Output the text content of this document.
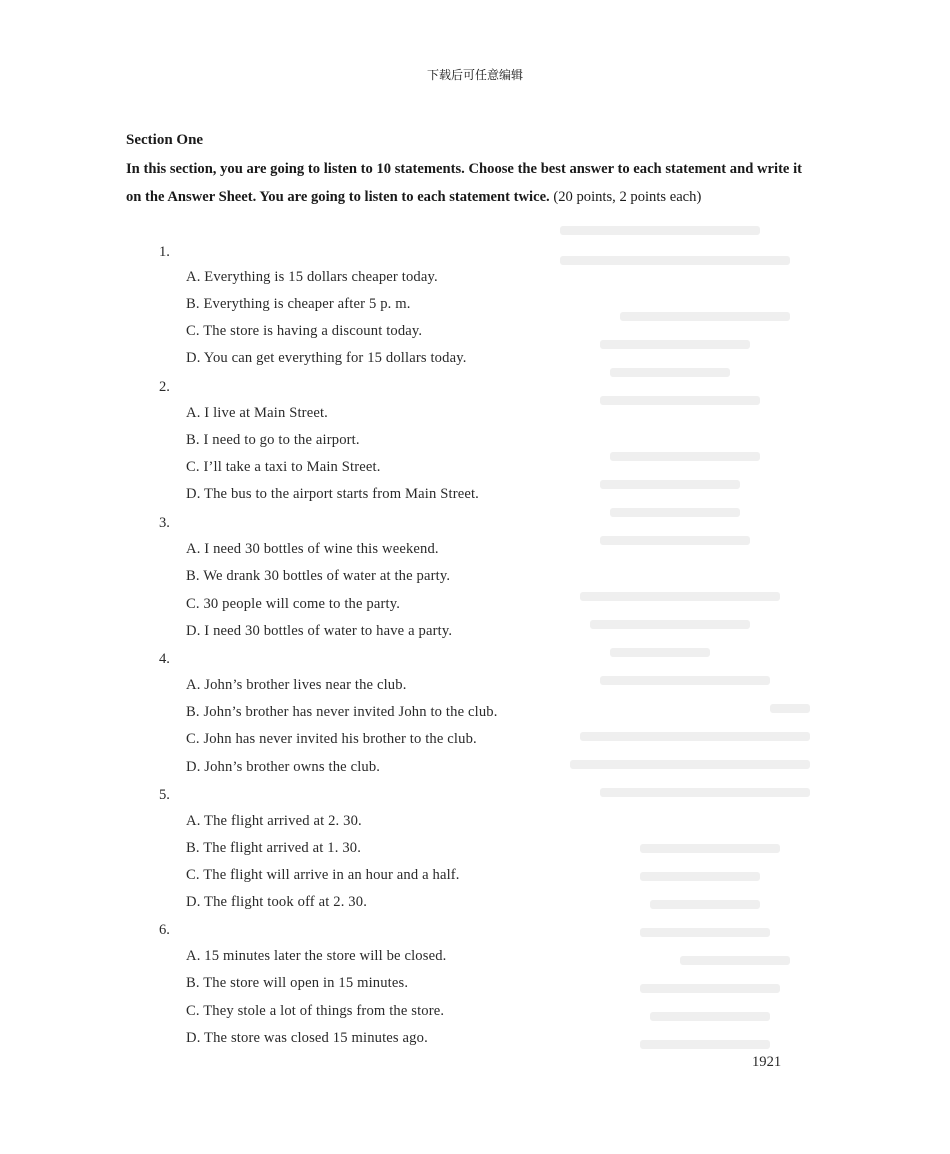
下载后可任意编辑
Section One
In this section, you are going to listen to 10 statements. Choose the best answer to each statement and write it on the Answer Sheet. You are going to listen to each statement twice. (20 points, 2 points each)
1.
A. Everything is 15 dollars cheaper today.
B. Everything is cheaper after 5 p. m.
C. The store is having a discount today.
D. You can get everything for 15 dollars today.
2.
A. I live at Main Street.
B. I need to go to the airport.
C. I’ll take a taxi to Main Street.
D. The bus to the airport starts from Main Street.
3.
A. I need 30 bottles of wine this weekend.
B. We drank 30 bottles of water at the party.
C. 30 people will come to the party.
D. I need 30 bottles of water to have a party.
4.
A. John’s brother lives near the club.
B. John’s brother has never invited John to the club.
C. John has never invited his brother to the club.
D. John’s brother owns the club.
5.
A. The flight arrived at 2. 30.
B. The flight arrived at 1. 30.
C. The flight will arrive in an hour and a half.
D. The flight took off at 2. 30.
6.
A. 15 minutes later the store will be closed.
B. The store will open in 15 minutes.
C. They stole a lot of things from the store.
D. The store was closed 15 minutes ago.
1921
